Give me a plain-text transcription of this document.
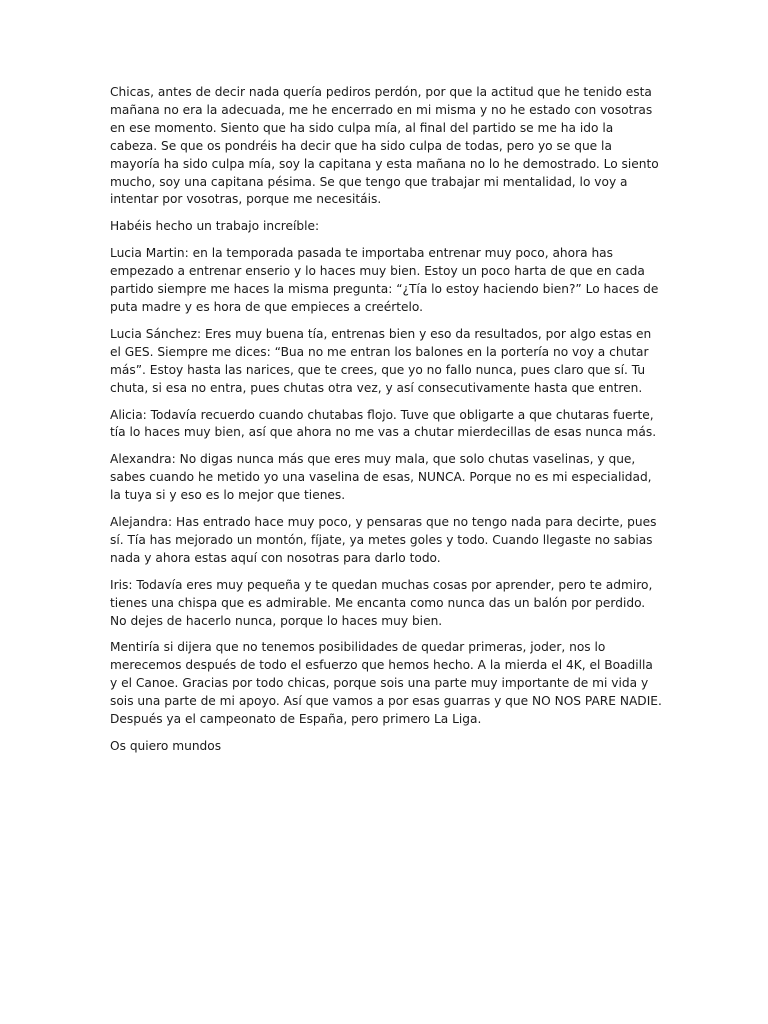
Chicas, antes de decir nada quería pediros perdón, por que la actitud que he tenido esta mañana no era la adecuada, me he encerrado en mi misma y no he estado con vosotras en ese momento. Siento que ha sido culpa mía, al final del partido se me ha ido la cabeza. Se que os pondréis ha decir que ha sido culpa de todas, pero yo se que la mayoría ha sido culpa mía, soy la capitana y esta mañana no lo he demostrado. Lo siento mucho, soy una capitana pésima. Se que tengo que trabajar mi mentalidad, lo voy a intentar por vosotras, porque me necesitáis.

Habéis hecho un trabajo increíble:

Lucia Martin: en la temporada pasada te importaba entrenar muy poco, ahora has empezado a entrenar enserio y lo haces muy bien. Estoy un poco harta de que en cada partido siempre me haces la misma pregunta: “¿Tía lo estoy haciendo bien?” Lo haces de puta madre y es hora de que empieces a creértelo.

Lucia Sánchez: Eres muy buena tía, entrenas bien y eso da resultados, por algo estas en el GES. Siempre me dices: “Bua no me entran los balones en la portería no voy a chutar más”. Estoy hasta las narices, que te crees, que yo no fallo nunca, pues claro que sí. Tu chuta, si esa no entra, pues chutas otra vez, y así consecutivamente hasta que entren.

Alicia: Todavía recuerdo cuando chutabas flojo. Tuve que obligarte a que chutaras fuerte, tía lo haces muy bien, así que ahora no me vas a chutar mierdecillas de esas nunca más.

Alexandra: No digas nunca más que eres muy mala, que solo chutas vaselinas, y que, sabes cuando he metido yo una vaselina de esas, NUNCA. Porque no es mi especialidad, la tuya si y eso es lo mejor que tienes.

Alejandra: Has entrado hace muy poco, y pensaras que no tengo nada para decirte, pues sí. Tía has mejorado un montón, fíjate, ya metes goles y todo. Cuando llegaste no sabias nada y ahora estas aquí con nosotras para darlo todo.

Iris: Todavía eres muy pequeña y te quedan muchas cosas por aprender, pero te admiro, tienes una chispa que es admirable. Me encanta como nunca das un balón por perdido. No dejes de hacerlo nunca, porque lo haces muy bien.

Mentiría si dijera que no tenemos posibilidades de quedar primeras, joder, nos lo merecemos después de todo el esfuerzo que hemos hecho. A la mierda el 4K, el Boadilla y el Canoe. Gracias por todo chicas, porque sois una parte muy importante de mi vida y sois una parte de mi apoyo. Así que vamos a por esas guarras y que NO NOS PARE NADIE. Después ya el campeonato de España, pero primero La Liga.

Os quiero mundos
